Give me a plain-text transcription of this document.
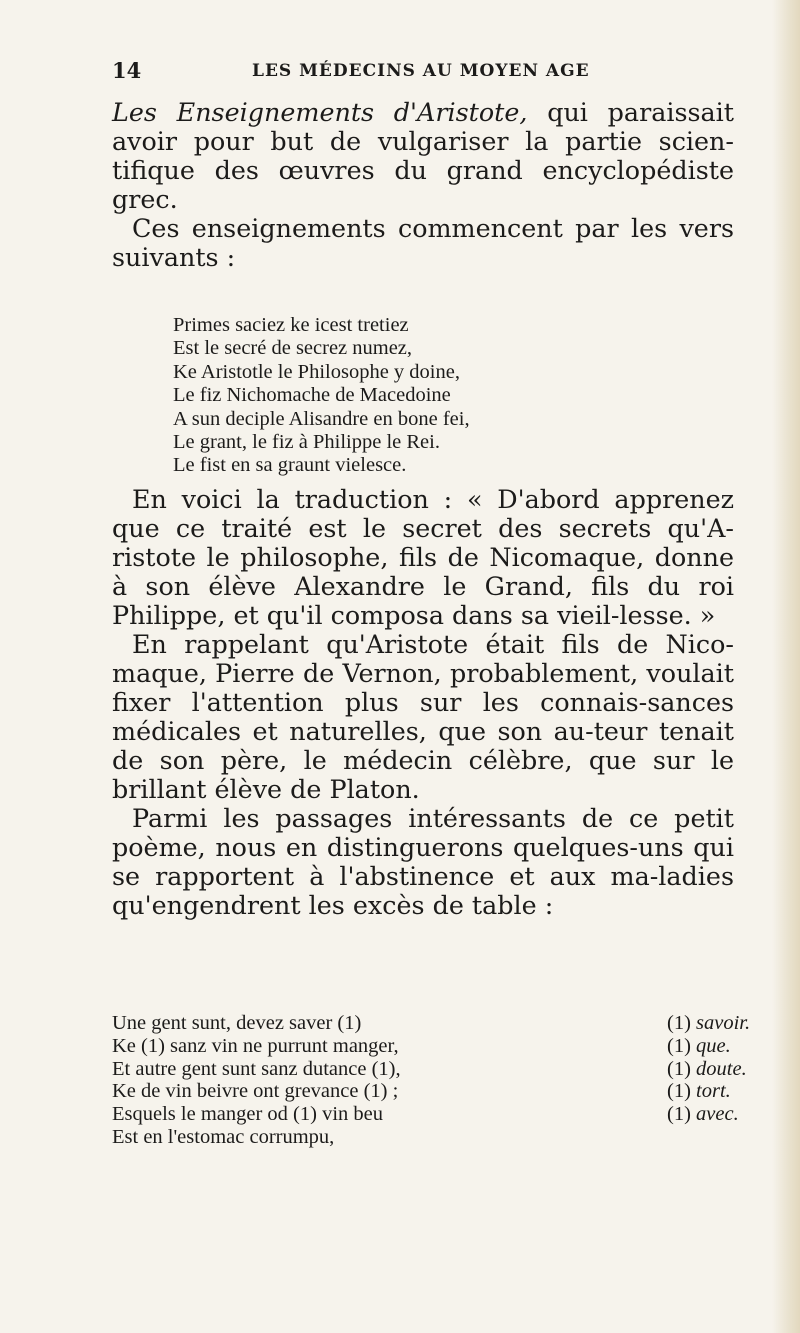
14	LES MÉDECINS AU MOYEN AGE

Les Enseignements d'Aristote, qui paraissait avoir pour but de vulgariser la partie scien-tifique des œuvres du grand encyclopédiste grec.

Ces enseignements commencent par les vers suivants :

Primes saciez ke icest tretiez
Est le secré de secrez numez,
Ke Aristotle le Philosophe y doine,
Le fiz Nichomache de Macedoine
A sun deciple Alisandre en bone fei,
Le grant, le fiz à Philippe le Rei.
Le fist en sa graunt vielesce.

En voici la traduction : « D'abord apprenez que ce traité est le secret des secrets qu'A-ristote le philosophe, fils de Nicomaque, donne à son élève Alexandre le Grand, fils du roi Philippe, et qu'il composa dans sa vieil-lesse. »

En rappelant qu'Aristote était fils de Nico-maque, Pierre de Vernon, probablement, voulait fixer l'attention plus sur les connais-sances médicales et naturelles, que son au-teur tenait de son père, le médecin célèbre, que sur le brillant élève de Platon.

Parmi les passages intéressants de ce petit poème, nous en distinguerons quelques-uns qui se rapportent à l'abstinence et aux ma-ladies qu'engendrent les excès de table :

Une gent sunt, devez saver (1)	(1) savoir.
Ke (1) sanz vin ne purrunt manger,	(1) que.
Et autre gent sunt sanz dutance (1),	(1) doute.
Ke de vin beivre ont grevance (1) ;	(1) tort.
Esquels le manger od (1) vin beu	(1) avec.
Est en l'estomac corrumpu,
